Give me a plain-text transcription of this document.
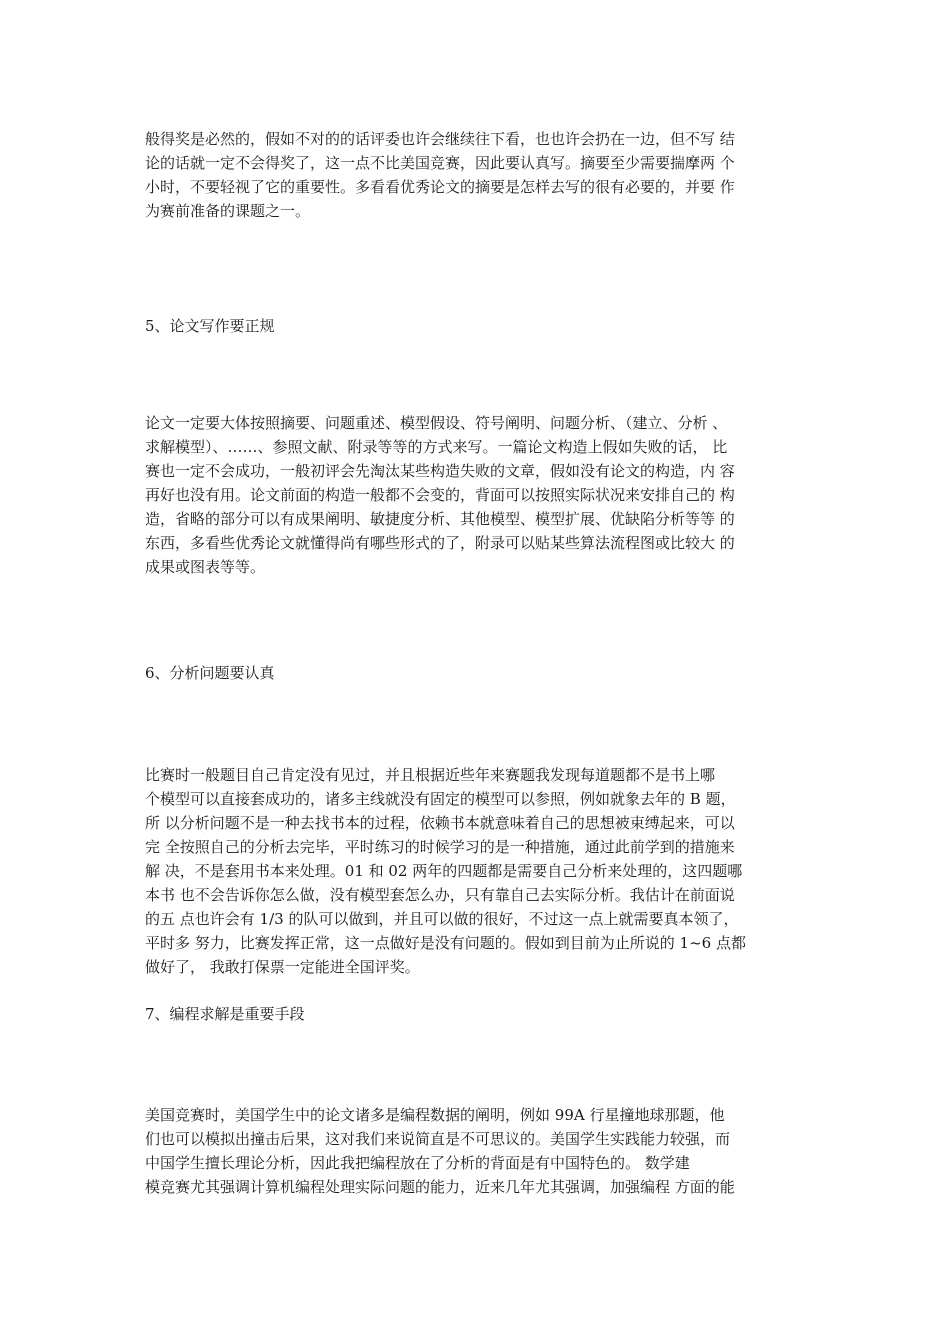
般得奖是必然的，假如不对的的话评委也许会继续往下看，也也许会扔在一边，但不写 结
论的话就一定不会得奖了，这一点不比美国竞赛，因此要认真写。摘要至少需要揣摩两 个
小时，不要轻视了它的重要性。多看看优秀论文的摘要是怎样去写的很有必要的，并要 作
为赛前准备的课题之一。
5、论文写作要正规
论文一定要大体按照摘要、问题重述、模型假设、符号阐明、问题分析、（建立、分析 、
求解模型）、……、参照文献、附录等等的方式来写。一篇论文构造上假如失败的话， 比
赛也一定不会成功，一般初评会先淘汰某些构造失败的文章，假如没有论文的构造，内 容
再好也没有用。论文前面的构造一般都不会变的，背面可以按照实际状况来安排自己的 构
造，省略的部分可以有成果阐明、敏捷度分析、其他模型、模型扩展、优缺陷分析等等 的
东西，多看些优秀论文就懂得尚有哪些形式的了，附录可以贴某些算法流程图或比较大 的
成果或图表等等。
6、分析问题要认真
比赛时一般题目自己肯定没有见过，并且根据近些年来赛题我发现每道题都不是书上哪
个模型可以直接套成功的，诸多主线就没有固定的模型可以参照，例如就象去年的 B 题，
所 以分析问题不是一种去找书本的过程，依赖书本就意味着自己的思想被束缚起来，可以
完 全按照自己的分析去完毕，平时练习的时候学习的是一种措施，通过此前学到的措施来
解 决，不是套用书本来处理。01 和 02 两年的四题都是需要自己分析来处理的，这四题哪
本书 也不会告诉你怎么做，没有模型套怎么办，只有靠自己去实际分析。我估计在前面说
的五 点也许会有 1/3 的队可以做到，并且可以做的很好，不过这一点上就需要真本领了，
平时多 努力，比赛发挥正常，这一点做好是没有问题的。假如到目前为止所说的 1~6 点都
做好了， 我敢打保票一定能进全国评奖。
7、编程求解是重要手段
美国竞赛时，美国学生中的论文诸多是编程数据的阐明，例如 99A 行星撞地球那题，他
们也可以模拟出撞击后果，这对我们来说简直是不可思议的。美国学生实践能力较强，而
中国学生擅长理论分析，因此我把编程放在了分析的背面是有中国特色的。 数学建
模竞赛尤其强调计算机编程处理实际问题的能力，近来几年尤其强调，加强编程 方面的能
